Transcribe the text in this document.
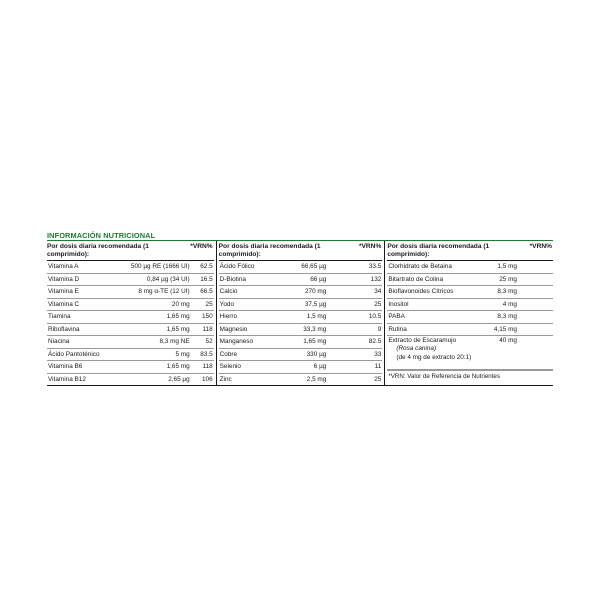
INFORMACIÓN NUTRICIONAL
Por dosis diaria recomendada (1 comprimido):
*VRN%
Vitamina A	500 µg RE (1666 UI) 62.5
Vitamina D	0,84 µg (34 UI) 16.5
Vitamina E	8 mg α-TE (12 UI) 66.5
Vitamina C	20 mg 25
Tiamina	1,65 mg 150
Riboflavina	1,65 mg 118
Niacina	8,3 mg NE 52
Ácido Pantoténico	5 mg 83.5
Vitamina B6	1,65 mg 118
Vitamina B12	2,65 µg 106
Por dosis diaria recomendada (1 comprimido):
*VRN%
Ácido Fólico	66,65 µg	33.5
D-Biotina	66 µg	132
Calcio	270 mg	34
Yodo	37,5 µg	25
Hierro	1,5 mg	10.5
Magnesio	33,3 mg	9
Manganeso	1,65 mg	82.5
Cobre	330 µg	33
Selenio	6 µg	11
Zinc	2,5 mg	25
Por dosis diaria recomendada (1 comprimido):
*VRN%
Clorhidrato de Betaina	1,5 mg
Bitartrato de Colina	25 mg
Bioflavonoides Cítricos	8,3 mg
Inositol	4 mg
PABA	8,3 mg
Rutina	4,15 mg
Extracto de Escaramujo	40 mg
(Rosa canina)
(de 4 mg de extracto 20:1)
*VRN: Valor de Referencia de Nutrientes
